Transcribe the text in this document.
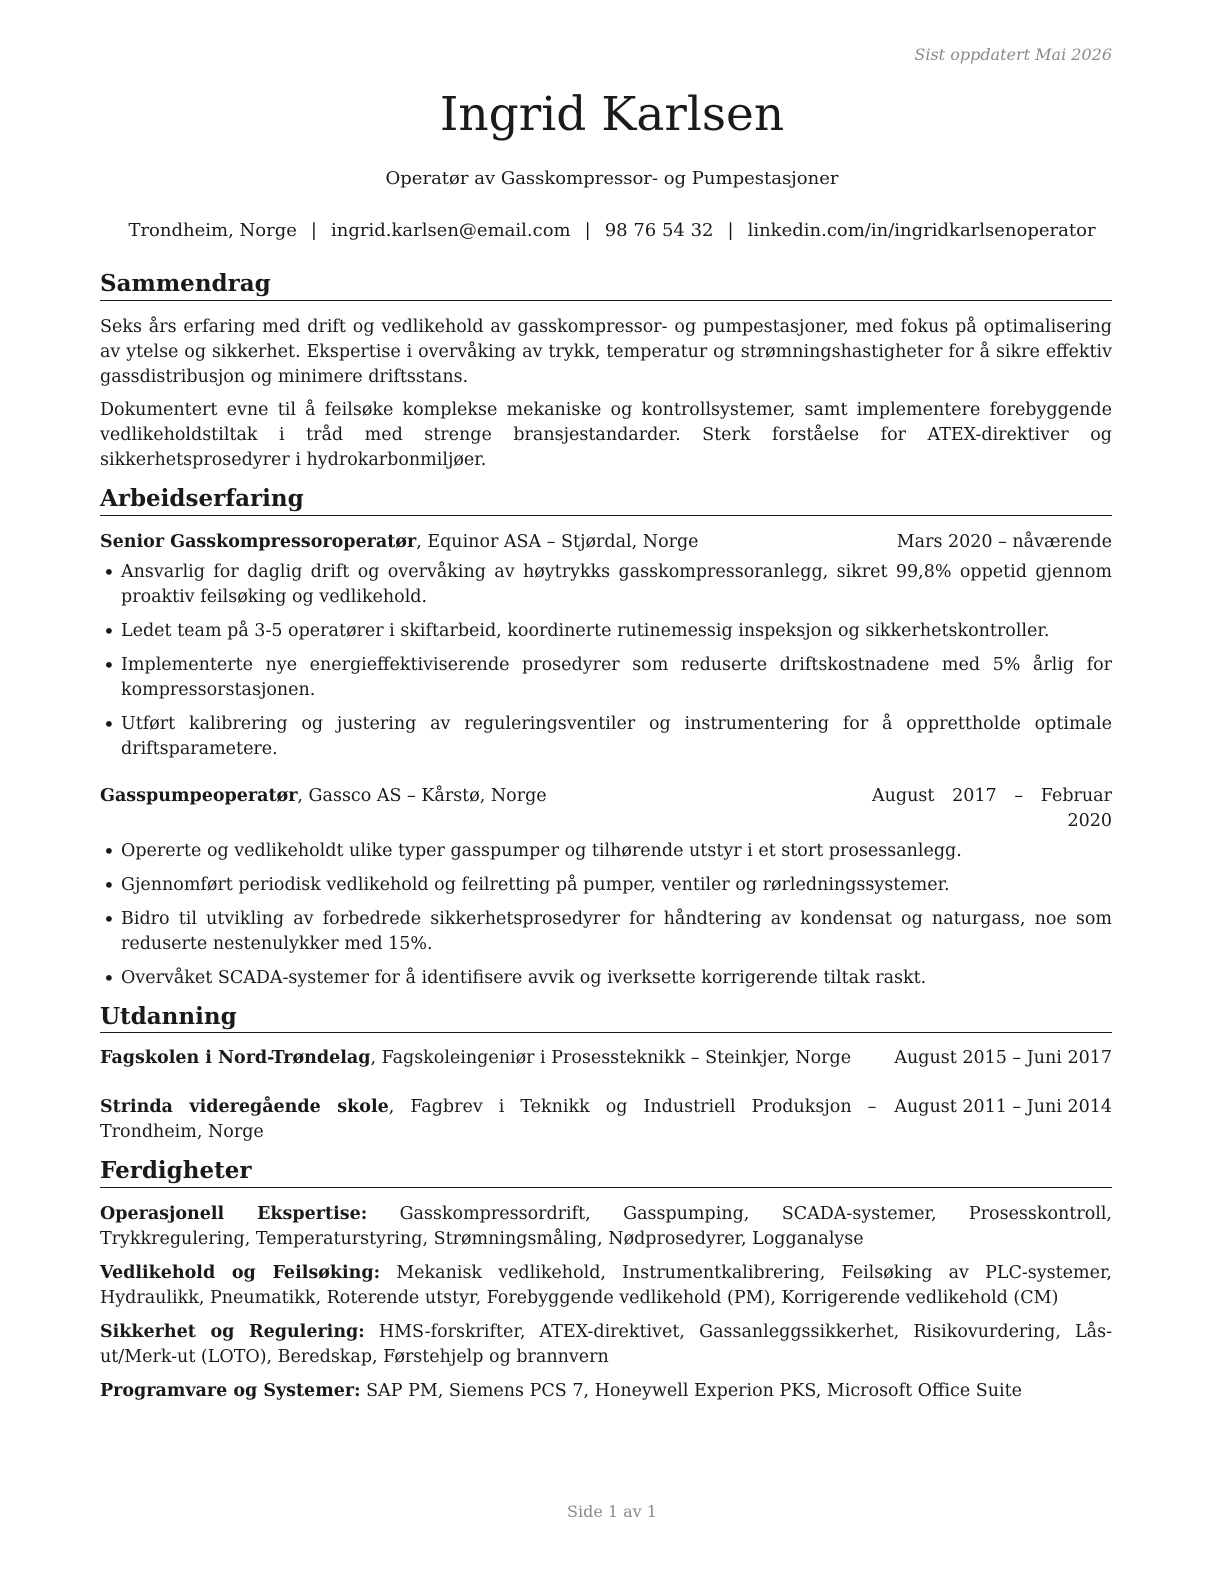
Sist oppdatert Mai 2026
Ingrid Karlsen
Operatør av Gasskompressor- og Pumpestasjoner
Trondheim, Norge | ingrid.karlsen@email.com | 98 76 54 32 | linkedin.com/in/ingridkarlsenoperator
Sammendrag

Seks års erfaring med drift og vedlikehold av gasskompressor- og pumpestasjoner, med fokus på optimalisering av ytelse og sikkerhet. Ekspertise i overvåking av trykk, temperatur og strømningshastigheter for å sikre effektiv gassdistribusjon og minimere driftsstans.

Dokumentert evne til å feilsøke komplekse mekaniske og kontrollsystemer, samt implementere forebyggende vedlikeholdstiltak i tråd med strenge bransjestandarder. Sterk forståelse for ATEX-direktiver og sikkerhetsprosedyrer i hydrokarbonmiljøer.

Arbeidserfaring
Senior Gasskompressoroperatør, Equinor ASA – Stjørdal, Norge	Mars 2020 – nåværende
• Ansvarlig for daglig drift og overvåking av høytrykks gasskompressoranlegg, sikret 99,8% oppetid gjennom proaktiv feilsøking og vedlikehold.
• Ledet team på 3-5 operatører i skiftarbeid, koordinerte rutinemessig inspeksjon og sikkerhetskontroller.
• Implementerte nye energieffektiviserende prosedyrer som reduserte driftskostnadene med 5% årlig for kompressorstasjonen.
• Utført kalibrering og justering av reguleringsventiler og instrumentering for å opprettholde optimale driftsparametere.
Gasspumpeoperatør, Gassco AS – Kårstø, Norge	August 2017 – Februar 2020
• Opererte og vedlikeholdt ulike typer gasspumper og tilhørende utstyr i et stort prosessanlegg.
• Gjennomført periodisk vedlikehold og feilretting på pumper, ventiler og rørledningssystemer.
• Bidro til utvikling av forbedrede sikkerhetsprosedyrer for håndtering av kondensat og naturgass, noe som reduserte nestenulykker med 15%.
• Overvåket SCADA-systemer for å identifisere avvik og iverksette korrigerende tiltak raskt.
Utdanning
Fagskolen i Nord-Trøndelag, Fagskoleingeniør i Prosessteknikk – Steinkjer, Norge	August 2015 – Juni 2017
Strinda videregående skole, Fagbrev i Teknikk og Industriell Produksjon – Trondheim, Norge
August 2011 – Juni 2014
Ferdigheter
Operasjonell Ekspertise: Gasskompressordrift, Gasspumping, SCADA-systemer, Prosesskontroll, Trykkregulering, Temperaturstyring, Strømningsmåling, Nødprosedyrer, Logganalyse
Vedlikehold og Feilsøking: Mekanisk vedlikehold, Instrumentkalibrering, Feilsøking av PLC-systemer, Hydraulikk, Pneumatikk, Roterende utstyr, Forebyggende vedlikehold (PM), Korrigerende vedlikehold (CM)
Sikkerhet og Regulering: HMS-forskrifter, ATEX-direktivet, Gassanleggssikkerhet, Risikovurdering, Lås-ut/Merk-ut (LOTO), Beredskap, Førstehjelp og brannvern
Programvare og Systemer: SAP PM, Siemens PCS 7, Honeywell Experion PKS, Microsoft Office Suite
Side 1 av 1
